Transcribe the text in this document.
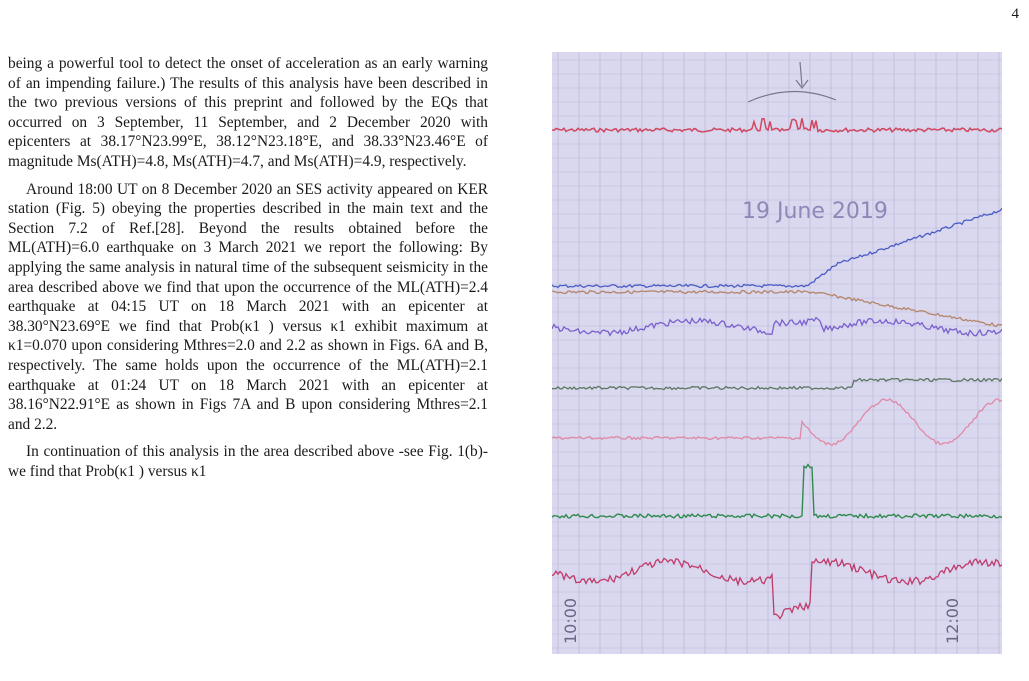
4

being a powerful tool to detect the onset of acceleration as an early warning of an impending failure.) The results of this analysis have been described in the two previous versions of this preprint and followed by the EQs that occurred on 3 September, 11 September, and 2 December 2020 with epicenters at 38.17°N23.99°E, 38.12°N23.18°E, and 38.33°N23.46°E of magnitude Ms(ATH)=4.8, Ms(ATH)=4.7, and Ms(ATH)=4.9, respectively.

Around 18:00 UT on 8 December 2020 an SES activity appeared on KER station (Fig. 5) obeying the properties described in the main text and the Section 7.2 of Ref.[28]. Beyond the results obtained before the ML(ATH)=6.0 earthquake on 3 March 2021 we report the following: By applying the same analysis in natural time of the subsequent seismicity in the area described above we find that upon the occurrence of the ML(ATH)=2.4 earthquake at 04:15 UT on 18 March 2021 with an epicenter at 38.30°N23.69°E we find that Prob(κ1 ) versus κ1 exhibit maximum at κ1=0.070 upon considering Mthres=2.0 and 2.2 as shown in Figs. 6A and B, respectively. The same holds upon the occurrence of the ML(ATH)=2.1 earthquake at 01:24 UT on 18 March 2021 with an epicenter at 38.16°N22.91°E as shown in Figs 7A and B upon considering Mthres=2.1 and 2.2.

In continuation of this analysis in the area described above -see Fig. 1(b)- we find that Prob(κ1 ) versus κ1

19 June 2019
10:00	12:00
